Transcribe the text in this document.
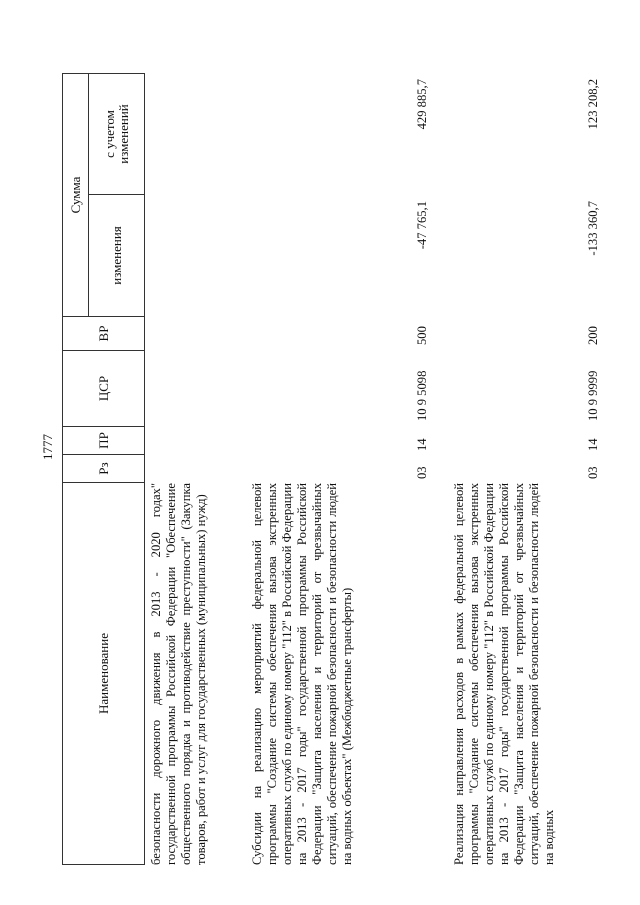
1777
Наименование
Рз
ПР
ЦСР
ВР
Сумма
изменения
с учетом изменений
безопасности дорожного движения в 2013 - 2020 годах" государственной программы Российской Федерации "Обеспечение общественного порядка и противодействие преступности" (Закупка товаров, работ и услуг для государственных (муниципальных) нужд)	Субсидии на реализацию мероприятий федеральной целевой программы "Создание системы обеспечения вызова экстренных оперативных служб по единому номеру "112" в Российской Федерации на 2013 - 2017 годы" государственной программы Российской Федерации "Защита населения и территорий от чрезвычайных ситуаций, обеспечение пожарной безопасности и безопасности людей на водных объектах" (Межбюджетные трансферты)
03
14
10 9 5098
500
-47 765,1
429 885,7
Реализация направления расходов в рамках федеральной целевой программы "Создание системы обеспечения вызова экстренных оперативных служб по единому номеру "112" в Российской Федерации на 2013 - 2017 годы" государственной программы Российской Федерации "Защита населения и территорий от чрезвычайных ситуаций, обеспечение пожарной безопасности и безопасности людей на водных
03
14
10 9 9999
200
-133 360,7
123 208,2
